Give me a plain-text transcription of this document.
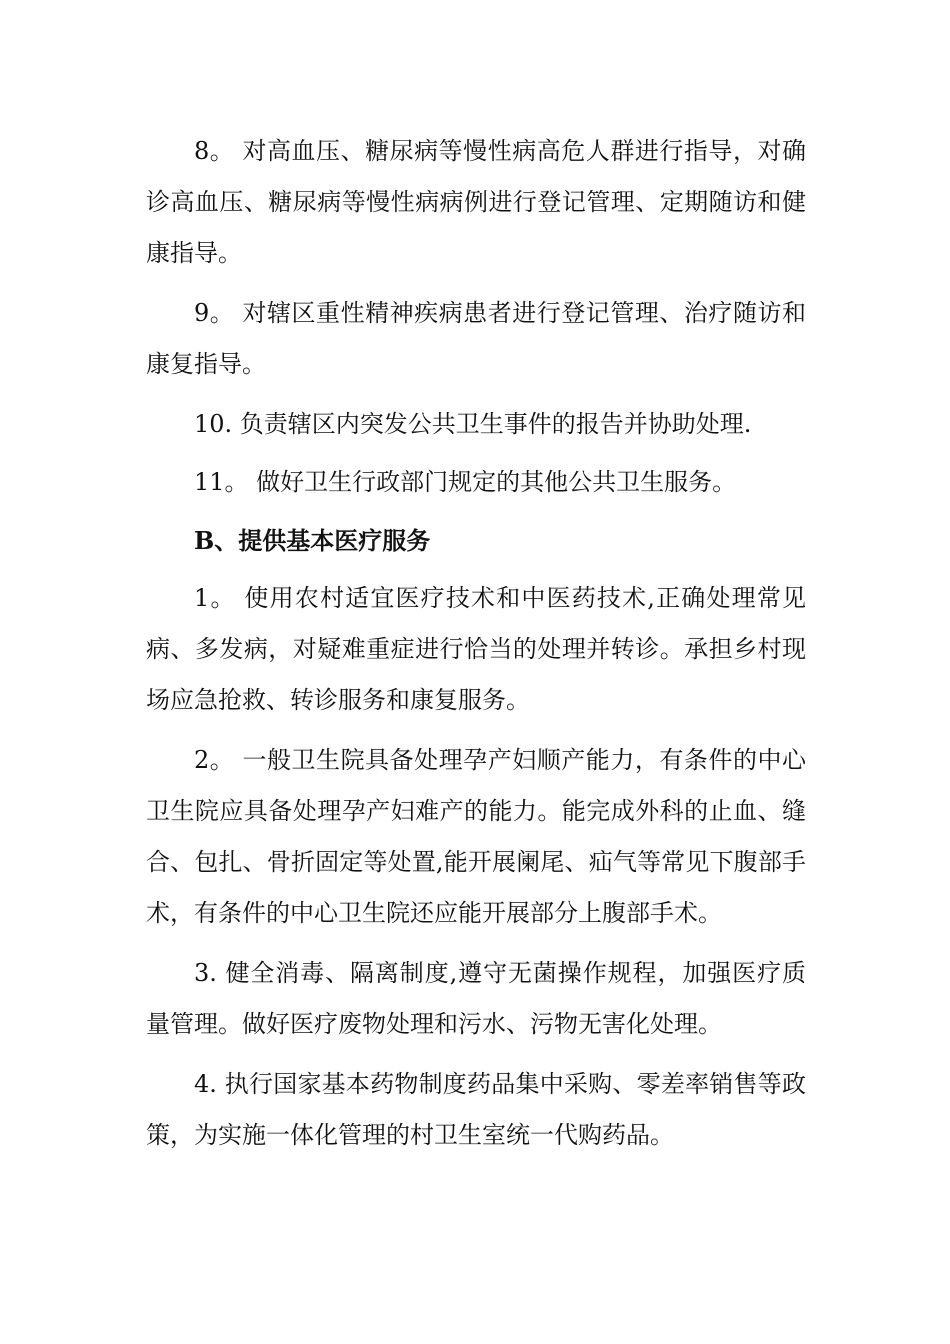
8。 对高血压、糖尿病等慢性病高危人群进行指导，对确诊高血压、糖尿病等慢性病病例进行登记管理、定期随访和健康指导。

9。 对辖区重性精神疾病患者进行登记管理、治疗随访和康复指导。

10. 负责辖区内突发公共卫生事件的报告并协助处理.

11。 做好卫生行政部门规定的其他公共卫生服务。

B、提供基本医疗服务

1。 使用农村适宜医疗技术和中医药技术,正确处理常见病、多发病，对疑难重症进行恰当的处理并转诊。承担乡村现场应急抢救、转诊服务和康复服务。

2。 一般卫生院具备处理孕产妇顺产能力，有条件的中心卫生院应具备处理孕产妇难产的能力。能完成外科的止血、缝合、包扎、骨折固定等处置,能开展阑尾、疝气等常见下腹部手术，有条件的中心卫生院还应能开展部分上腹部手术。

3. 健全消毒、隔离制度,遵守无菌操作规程，加强医疗质量管理。做好医疗废物处理和污水、污物无害化处理。

4. 执行国家基本药物制度药品集中采购、零差率销售等政策，为实施一体化管理的村卫生室统一代购药品。
